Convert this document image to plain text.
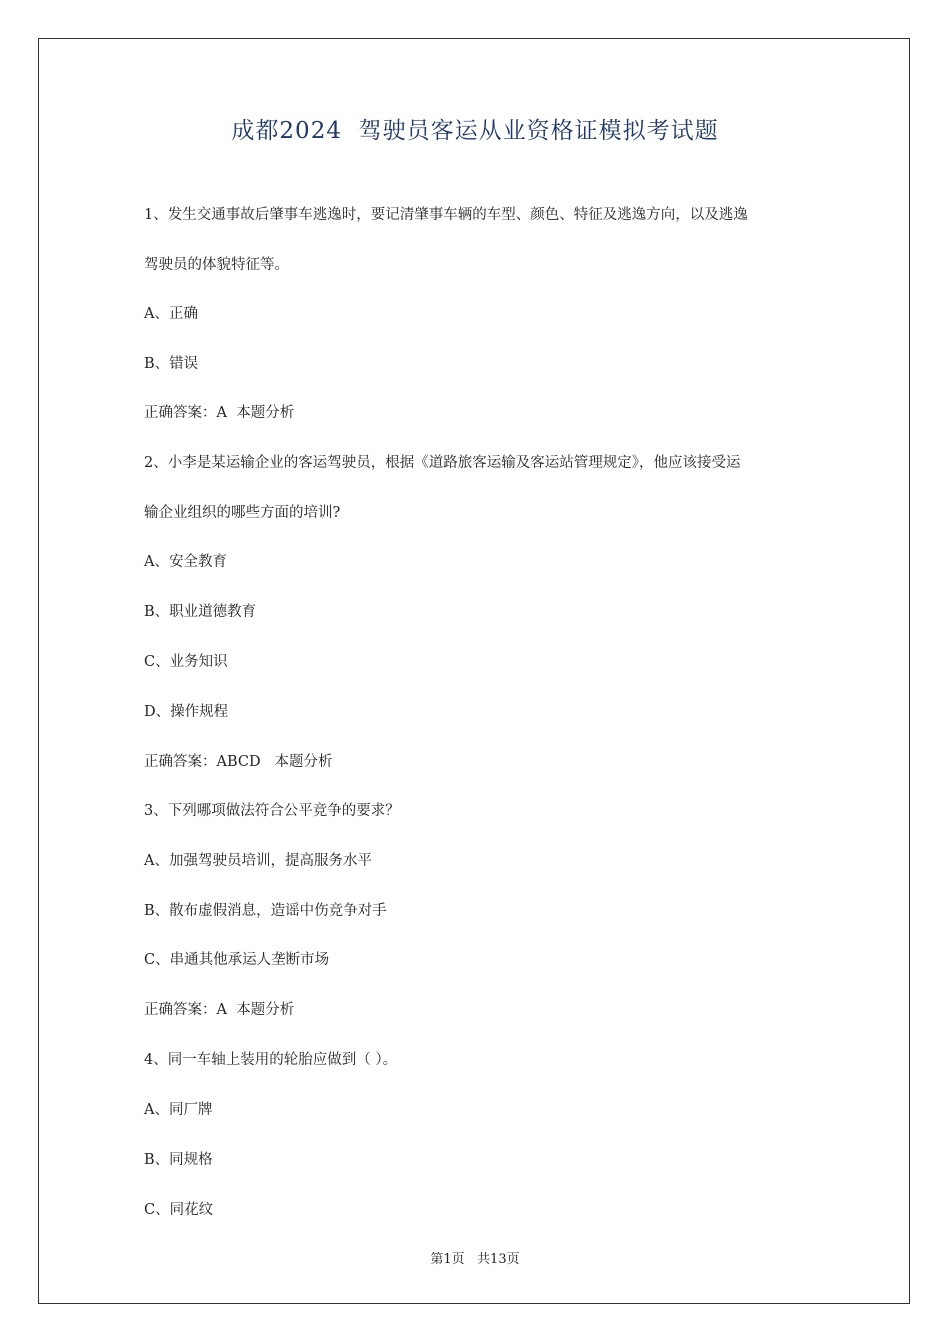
成都2024  驾驶员客运从业资格证模拟考试题
1、发生交通事故后肇事车逃逸时，要记清肇事车辆的车型、颜色、特征及逃逸方向，以及逃逸
驾驶员的体貌特征等。
A、正确
B、错误
正确答案：A  本题分析
2、小李是某运输企业的客运驾驶员，根据《道路旅客运输及客运站管理规定》，他应该接受运
输企业组织的哪些方面的培训?
A、安全教育
B、职业道德教育
C、业务知识
D、操作规程
正确答案：ABCD   本题分析
3、下列哪项做法符合公平竞争的要求？
A、加强驾驶员培训，提高服务水平
B、散布虚假消息，造谣中伤竞争对手
C、串通其他承运人垄断市场
正确答案：A  本题分析
4、同一车轴上装用的轮胎应做到（ ）。
A、同厂牌
B、同规格
C、同花纹
第1页   共13页
